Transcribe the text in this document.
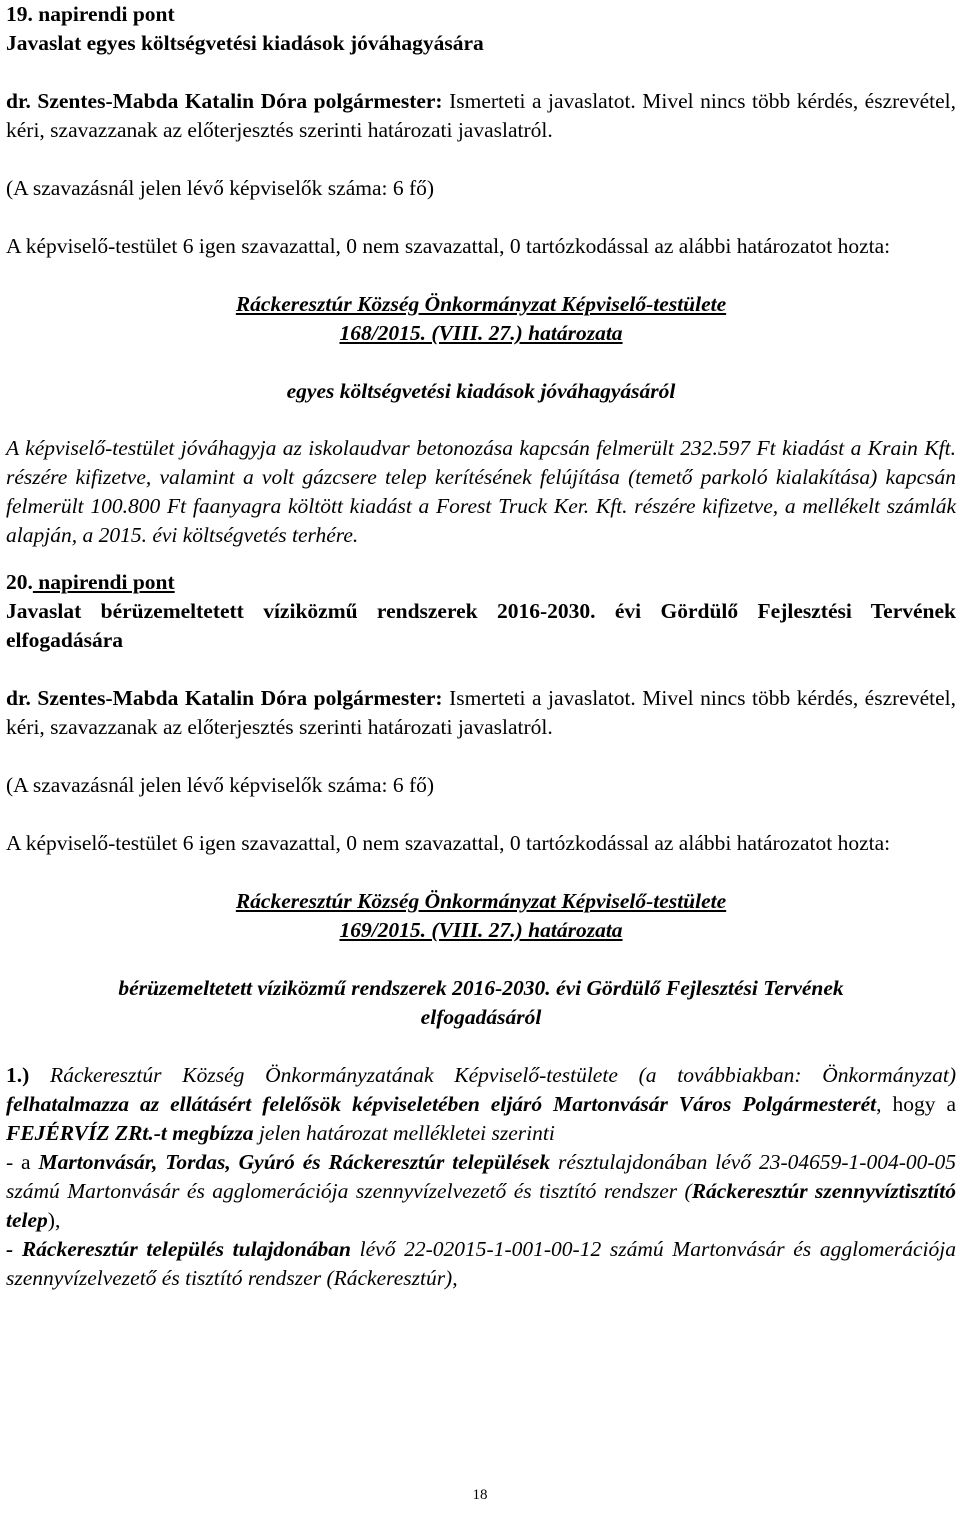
19. napirendi pont

Javaslat egyes költségvetési kiadások jóváhagyására

dr. Szentes-Mabda Katalin Dóra polgármester: Ismerteti a javaslatot. Mivel nincs több kérdés, észrevétel, kéri, szavazzanak az előterjesztés szerinti határozati javaslatról.

(A szavazásnál jelen lévő képviselők száma: 6 fő)

A képviselő-testület 6 igen szavazattal, 0 nem szavazattal, 0 tartózkodással az alábbi határozatot hozta:

Ráckeresztúr Község Önkormányzat Képviselő-testülete

168/2015. (VIII. 27.) határozata

egyes költségvetési kiadások jóváhagyásáról

A képviselő-testület jóváhagyja az iskolaudvar betonozása kapcsán felmerült 232.597 Ft kiadást a Krain Kft. részére kifizetve, valamint a volt gázcsere telep kerítésének felújítása (temető parkoló kialakítása) kapcsán felmerült 100.800 Ft faanyagra költött kiadást a Forest Truck Ker. Kft. részére kifizetve, a mellékelt számlák alapján, a 2015. évi költségvetés terhére.

20. napirendi pont

Javaslat bérüzemeltetett víziközmű rendszerek 2016-2030. évi Gördülő Fejlesztési Tervének elfogadására

dr. Szentes-Mabda Katalin Dóra polgármester: Ismerteti a javaslatot. Mivel nincs több kérdés, észrevétel, kéri, szavazzanak az előterjesztés szerinti határozati javaslatról.

(A szavazásnál jelen lévő képviselők száma: 6 fő)

A képviselő-testület 6 igen szavazattal, 0 nem szavazattal, 0 tartózkodással az alábbi határozatot hozta:

Ráckeresztúr Község Önkormányzat Képviselő-testülete

169/2015. (VIII. 27.) határozata

bérüzemeltetett víziközmű rendszerek 2016-2030. évi Gördülő Fejlesztési Tervének

elfogadásáról

1.) Ráckeresztúr Község Önkormányzatának Képviselő-testülete (a továbbiakban: Önkormányzat) felhatalmazza az ellátásért felelősök képviseletében eljáró Martonvásár Város Polgármesterét, hogy a FEJÉRVÍZ ZRt.-t megbízza jelen határozat mellékletei szerinti

- a Martonvásár, Tordas, Gyúró és Ráckeresztúr települések résztulajdonában lévő 23-04659-1-004-00-05 számú Martonvásár és agglomerációja szennyvízelvezető és tisztító rendszer (Ráckeresztúr szennyvíztisztító telep),

- Ráckeresztúr település tulajdonában lévő 22-02015-1-001-00-12 számú Martonvásár és agglomerációja szennyvízelvezető és tisztító rendszer (Ráckeresztúr),

18
